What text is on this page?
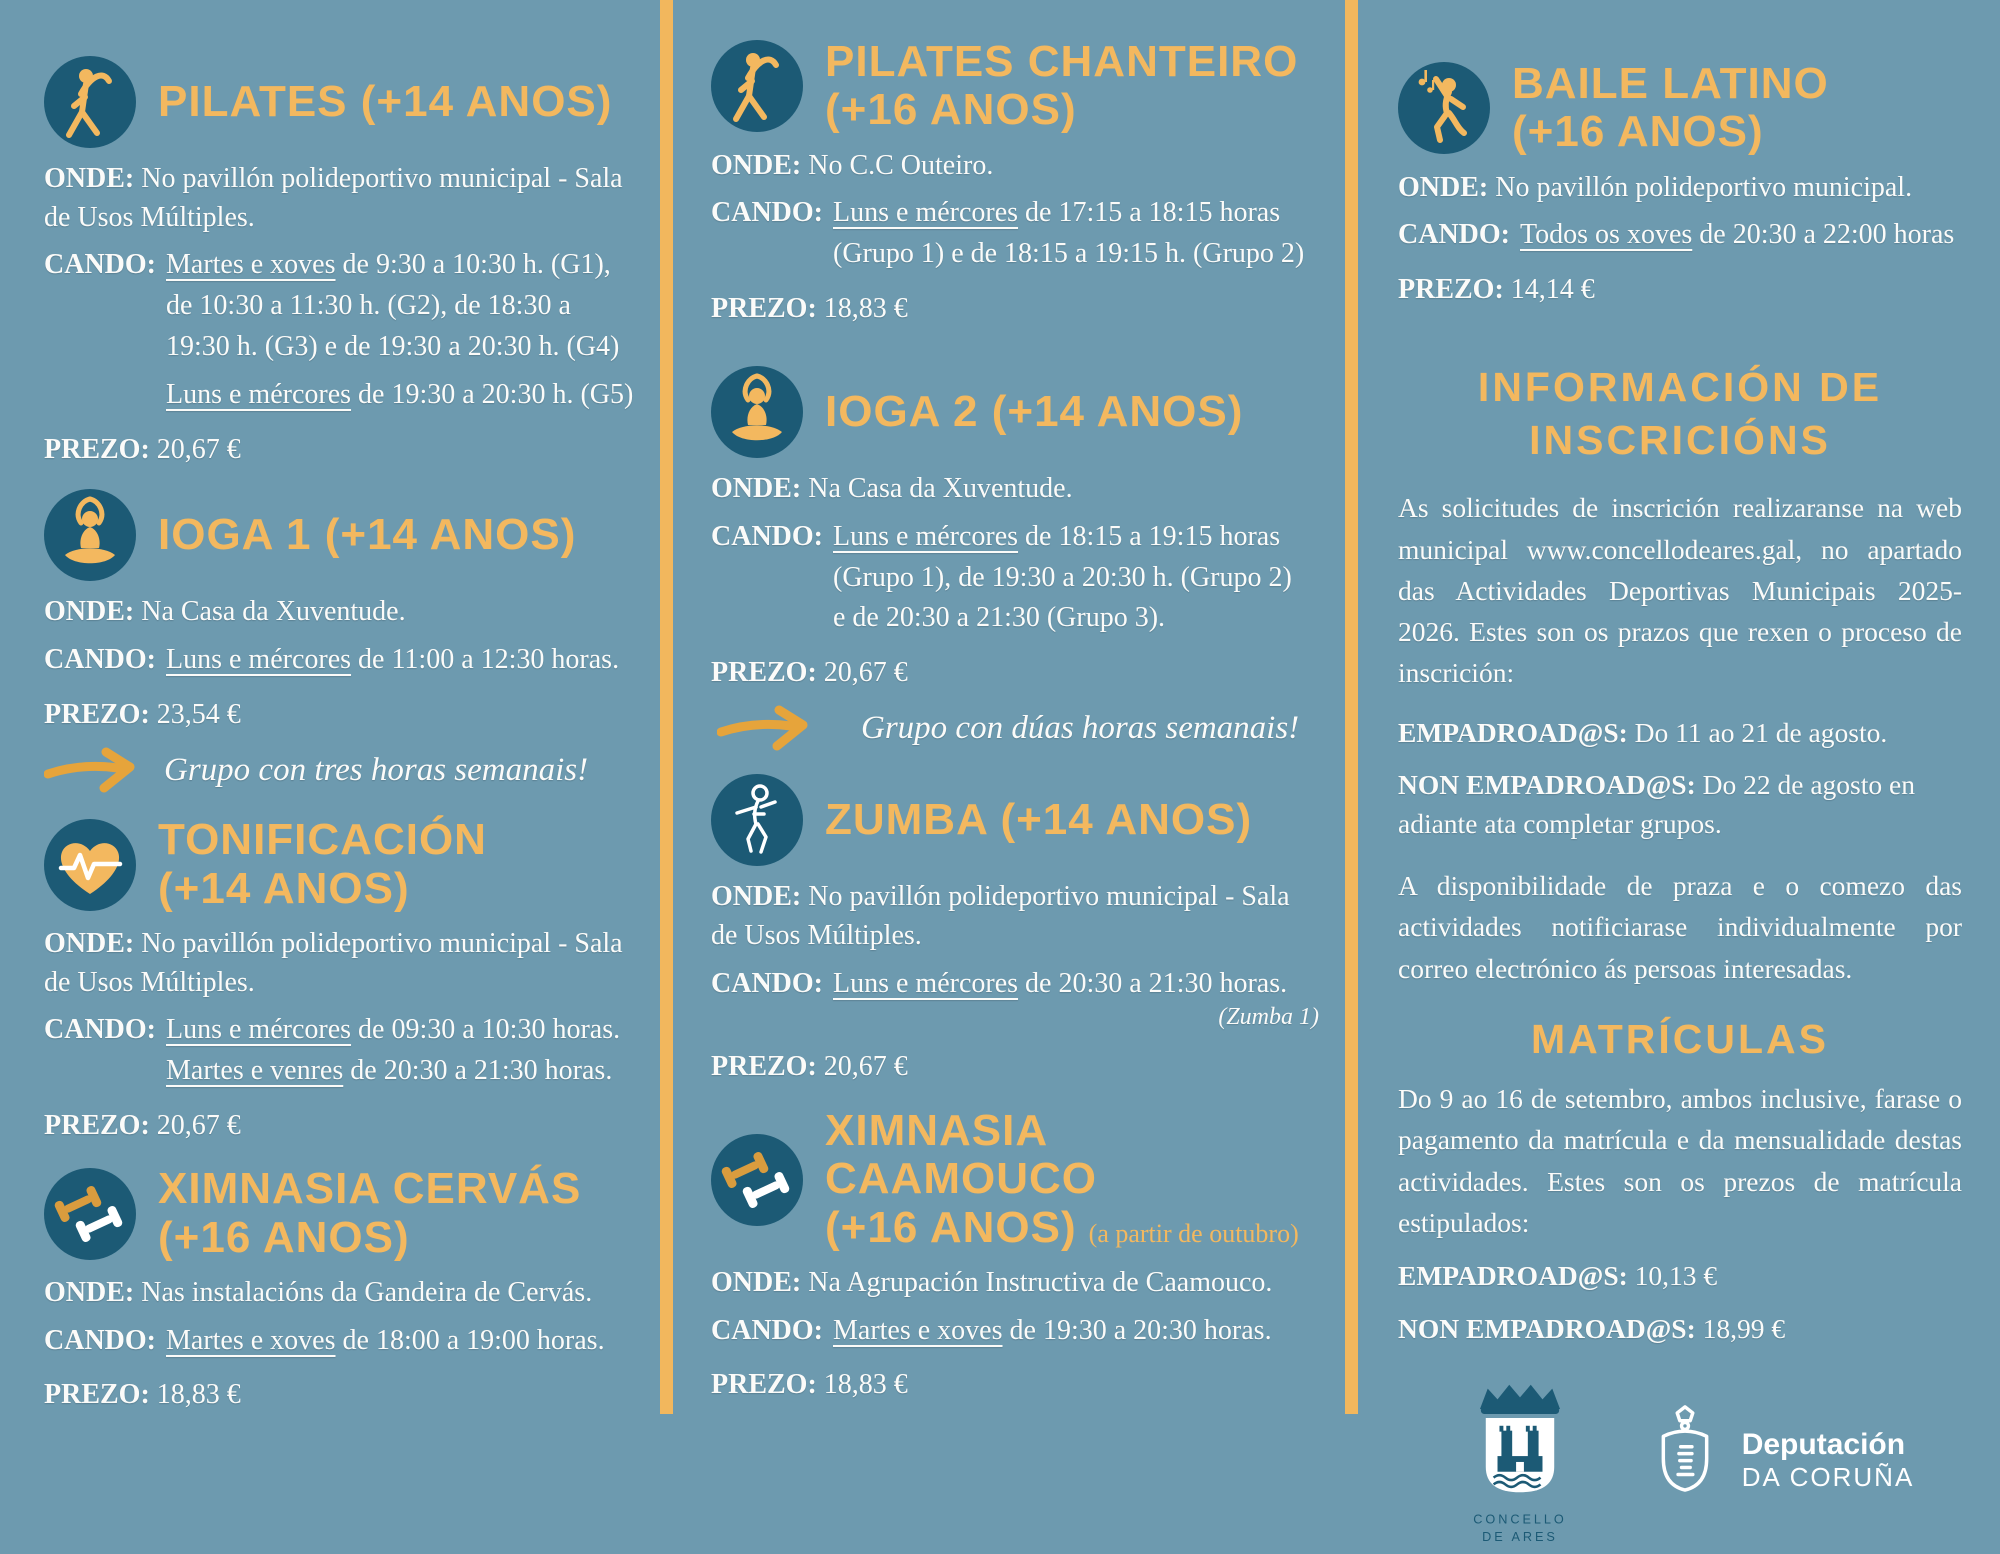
PILATES (+14 ANOS)

ONDE: No pavillón polideportivo municipal - Sala de Usos Múltiples.

CANDO: Martes e xoves de 9:30 a 10:30 h. (G1),
de 10:30 a 11:30 h. (G2), de 18:30 a
19:30 h. (G3) e de 19:30 a 20:30 h. (G4)
Luns e mércores de 19:30 a 20:30 h. (G5)

PREZO: 20,67 €

IOGA 1 (+14 ANOS)

ONDE: Na Casa da Xuventude.

CANDO: Luns e mércores de 11:00 a 12:30 horas.

PREZO: 23,54 €

Grupo con tres horas semanais!
TONIFICACIÓN
(+14 ANOS)

ONDE: No pavillón polideportivo municipal - Sala de Usos Múltiples.

CANDO: Luns e mércores de 09:30 a 10:30 horas.
Martes e venres de 20:30 a 21:30 horas.

PREZO: 20,67 €

XIMNASIA CERVÁS
(+16 ANOS)

ONDE: Nas instalacións da Gandeira de Cervás.

CANDO: Martes e xoves de 18:00 a 19:00 horas.

PREZO: 18,83 €

PILATES CHANTEIRO
(+16 ANOS)

ONDE: No C.C Outeiro.

CANDO: Luns e mércores de 17:15 a 18:15 horas
(Grupo 1) e de 18:15 a 19:15 h. (Grupo 2)

PREZO: 18,83 €

IOGA 2 (+14 ANOS)

ONDE: Na Casa da Xuventude.

CANDO: Luns e mércores de 18:15 a 19:15 horas
(Grupo 1), de 19:30 a 20:30 h. (Grupo 2)
e de 20:30 a 21:30 (Grupo 3).

PREZO: 20,67 €

Grupo con dúas horas semanais!
ZUMBA (+14 ANOS)

ONDE: No pavillón polideportivo municipal - Sala de Usos Múltiples.

CANDO: Luns e mércores de 20:30 a 21:30 horas.
(Zumba 1)

PREZO: 20,67 €

XIMNASIA CAAMOUCO
(+16 ANOS) (a partir de outubro)

ONDE: Na Agrupación Instructiva de Caamouco.

CANDO: Martes e xoves de 19:30 a 20:30 horas.

PREZO: 18,83 €

BAILE LATINO
(+16 ANOS)

ONDE: No pavillón polideportivo municipal.

CANDO: Todos os xoves de 20:30 a 22:00 horas

PREZO: 14,14 €

INFORMACIÓN DE INSCRICIÓNS

As solicitudes de inscrición realizaranse na web municipal www.concellodeares.gal, no apartado das Actividades Deportivas Municipais 2025-2026. Estes son os prazos que rexen o proceso de inscrición:

EMPADROAD@S: Do 11 ao 21 de agosto.

NON EMPADROAD@S: Do 22 de agosto en adiante ata completar grupos.

A disponibilidade de praza e o comezo das actividades notificiarase individualmente por correo electrónico ás persoas interesadas.

MATRÍCULAS

Do 9 ao 16 de setembro, ambos inclusive, farase o pagamento da matrícula e da mensualidade destas actividades. Estes son os prezos de matrícula estipulados:

EMPADROAD@S: 10,13 €

NON EMPADROAD@S: 18,99 €

CONCELLO
DE ARES
Deputación
DA CORUÑA
